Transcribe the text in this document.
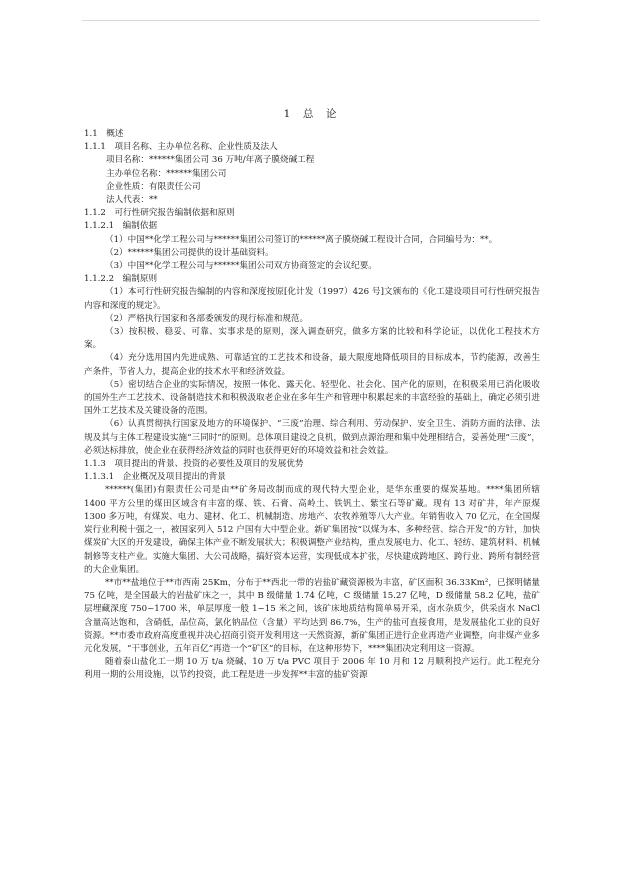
1　总　论

1.1　概述

1.1.1　项目名称、主办单位名称、企业性质及法人

项目名称：******集团公司 36 万吨/年离子膜烧碱工程

主办单位名称：******集团公司

企业性质：有限责任公司

法人代表：**

1.1.2　可行性研究报告编制依据和原则

1.1.2.1　编制依据

（1）中国**化学工程公司与******集团公司签订的******离子膜烧碱工程设计合同，合同编号为：**。

（2）******集团公司提供的设计基础资料。

（3）中国**化学工程公司与******集团公司双方协商签定的会议纪要。

1.1.2.2　编制原则

（1）本可行性研究报告编制的内容和深度按原[化计发（1997）426 号]文颁布的《化工建设项目可行性研究报告内容和深度的规定》。

（2）严格执行国家和各部委颁发的现行标准和规范。

（3）按积极、稳妥、可靠、实事求是的原则，深入调查研究，做多方案的比较和科学论证，以优化工程技术方案。

（4）充分选用国内先进成熟、可靠适宜的工艺技术和设备，最大限度地降低项目的目标成本，节约能源，改善生产条件，节省人力，提高企业的技术水平和经济效益。

（5）密切结合企业的实际情况，按照一体化、露天化、轻型化、社会化、国产化的原则，在积极采用已消化吸收的国外生产工艺技术、设备制造技术和积极汲取老企业在多年生产和管理中积累起来的丰富经验的基础上，确定必须引进国外工艺技术及关键设备的范围。

（6）认真贯彻执行国家及地方的环境保护、“三废”治理、综合利用、劳动保护、安全卫生、消防方面的法律、法规及其与主体工程建设实施“三同时”的原则。总体项目建设之良机，做到点源治理和集中处理相结合，妥善处理“三废”，必须达标排放，使企业在获得经济效益的同时也获得更好的环境效益和社会效益。

1.1.3　项目提出的背景、投资的必要性及项目的发展优势

1.1.3.1　企业概况及项目提出的背景

******(集团)有限责任公司是由**矿务局改制而成的现代特大型企业，是华东重要的煤炭基地。****集团所辖 1400 平方公里的煤田区域含有丰富的煤、铁、石膏、高岭土、铁钒土、紫宝石等矿藏。现有 13 对矿井，年产原煤 1300 多万吨，有煤炭、电力、建材、化工、机械制造、房地产、农牧养殖等八大产业。年销售收入 70 亿元，在全国煤炭行业利税十强之一，被国家列入 512 户国有大中型企业。新矿集团按“以煤为本、多种经营、综合开发”的方针，加快煤炭矿大区的开发建设，确保主体产业不断发展状大；积极调整产业结构，重点发展电力、化工、轻纺、建筑材料、机械制修等支柱产业。实施大集团、大公司战略，搞好资本运营，实现低成本扩张，尽快建成跨地区、跨行业、跨所有制经营的大企业集团。

**市**盐地位于**市西南 25Km，分布于**西北一带的岩盐矿藏资源极为丰富，矿区面积 36.33Km²，已探明储量 75 亿吨，是全国最大的岩盐矿床之一，其中 B 级储量 1.74 亿吨，C 级储量 15.27 亿吨，D 级储量 58.2 亿吨，盐矿层埋藏深度 750~1700 米，单层厚度一般 1~15 米之间，该矿床地质结构简单易开采，卤水杂质少，供采卤水 NaCl 含量高达饱和，含硝低，品位高，氯化钠品位（含量）平均达到 86.7%，生产的盐可直接食用，是发展盐化工业的良好资源。**市委市政府高度重视并决心招商引资开发利用这一天然资源，新矿集团正进行企业再造产业调整，向非煤产业多元化发展，“干事创业，五年百亿”再造一个“矿区”的目标，在这种形势下，****集团决定利用这一资源。

随着泰山盐化工一期 10 万 t/a 烧碱、10 万 t/a PVC 项目于 2006 年 10 月和 12 月顺利投产运行。此工程充分利用一期的公用设施，以节约投资，此工程是进一步发挥**丰富的盐矿资源
